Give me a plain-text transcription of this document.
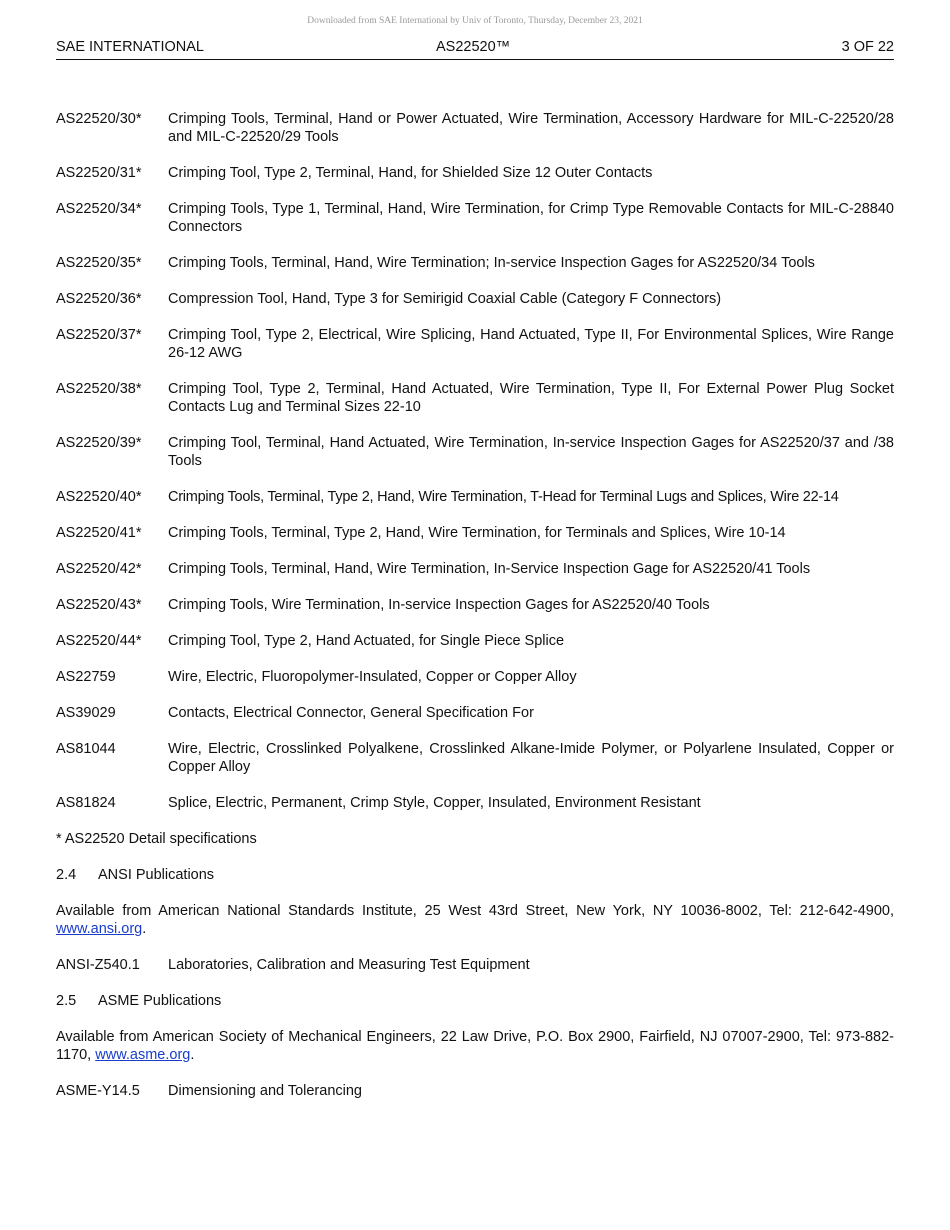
Downloaded from SAE International by Univ of Toronto, Thursday, December 23, 2021
SAE INTERNATIONAL	AS22520™	3 OF 22
AS22520/30*	Crimping Tools, Terminal, Hand or Power Actuated, Wire Termination, Accessory Hardware for MIL-C-22520/28 and MIL-C-22520/29 Tools
AS22520/31*	Crimping Tool, Type 2, Terminal, Hand, for Shielded Size 12 Outer Contacts
AS22520/34*	Crimping Tools, Type 1, Terminal, Hand, Wire Termination, for Crimp Type Removable Contacts for MIL-C-28840 Connectors
AS22520/35*	Crimping Tools, Terminal, Hand, Wire Termination; In-service Inspection Gages for AS22520/34 Tools
AS22520/36*	Compression Tool, Hand, Type 3 for Semirigid Coaxial Cable (Category F Connectors)
AS22520/37*	Crimping Tool, Type 2, Electrical, Wire Splicing, Hand Actuated, Type II, For Environmental Splices, Wire Range 26-12 AWG
AS22520/38*	Crimping Tool, Type 2, Terminal, Hand Actuated, Wire Termination, Type II, For External Power Plug Socket Contacts Lug and Terminal Sizes 22-10
AS22520/39*	Crimping Tool, Terminal, Hand Actuated, Wire Termination, In-service Inspection Gages for AS22520/37 and /38 Tools
AS22520/40*	Crimping Tools, Terminal, Type 2, Hand, Wire Termination, T-Head for Terminal Lugs and Splices, Wire 22-14
AS22520/41*	Crimping Tools, Terminal, Type 2, Hand, Wire Termination, for Terminals and Splices, Wire 10-14
AS22520/42*	Crimping Tools, Terminal, Hand, Wire Termination, In-Service Inspection Gage for AS22520/41 Tools
AS22520/43*	Crimping Tools, Wire Termination, In-service Inspection Gages for AS22520/40 Tools
AS22520/44*	Crimping Tool, Type 2, Hand Actuated, for Single Piece Splice
AS22759	Wire, Electric, Fluoropolymer-Insulated, Copper or Copper Alloy
AS39029	Contacts, Electrical Connector, General Specification For
AS81044	Wire, Electric, Crosslinked Polyalkene, Crosslinked Alkane-Imide Polymer, or Polyarlene Insulated, Copper or Copper Alloy
AS81824	Splice, Electric, Permanent, Crimp Style, Copper, Insulated, Environment Resistant
* AS22520 Detail specifications
2.4	ANSI Publications
Available from American National Standards Institute, 25 West 43rd Street, New York, NY 10036-8002, Tel: 212-642-4900, www.ansi.org.
ANSI-Z540.1	Laboratories, Calibration and Measuring Test Equipment
2.5	ASME Publications
Available from American Society of Mechanical Engineers, 22 Law Drive, P.O. Box 2900, Fairfield, NJ 07007-2900, Tel: 973-882-1170, www.asme.org.
ASME-Y14.5	Dimensioning and Tolerancing
